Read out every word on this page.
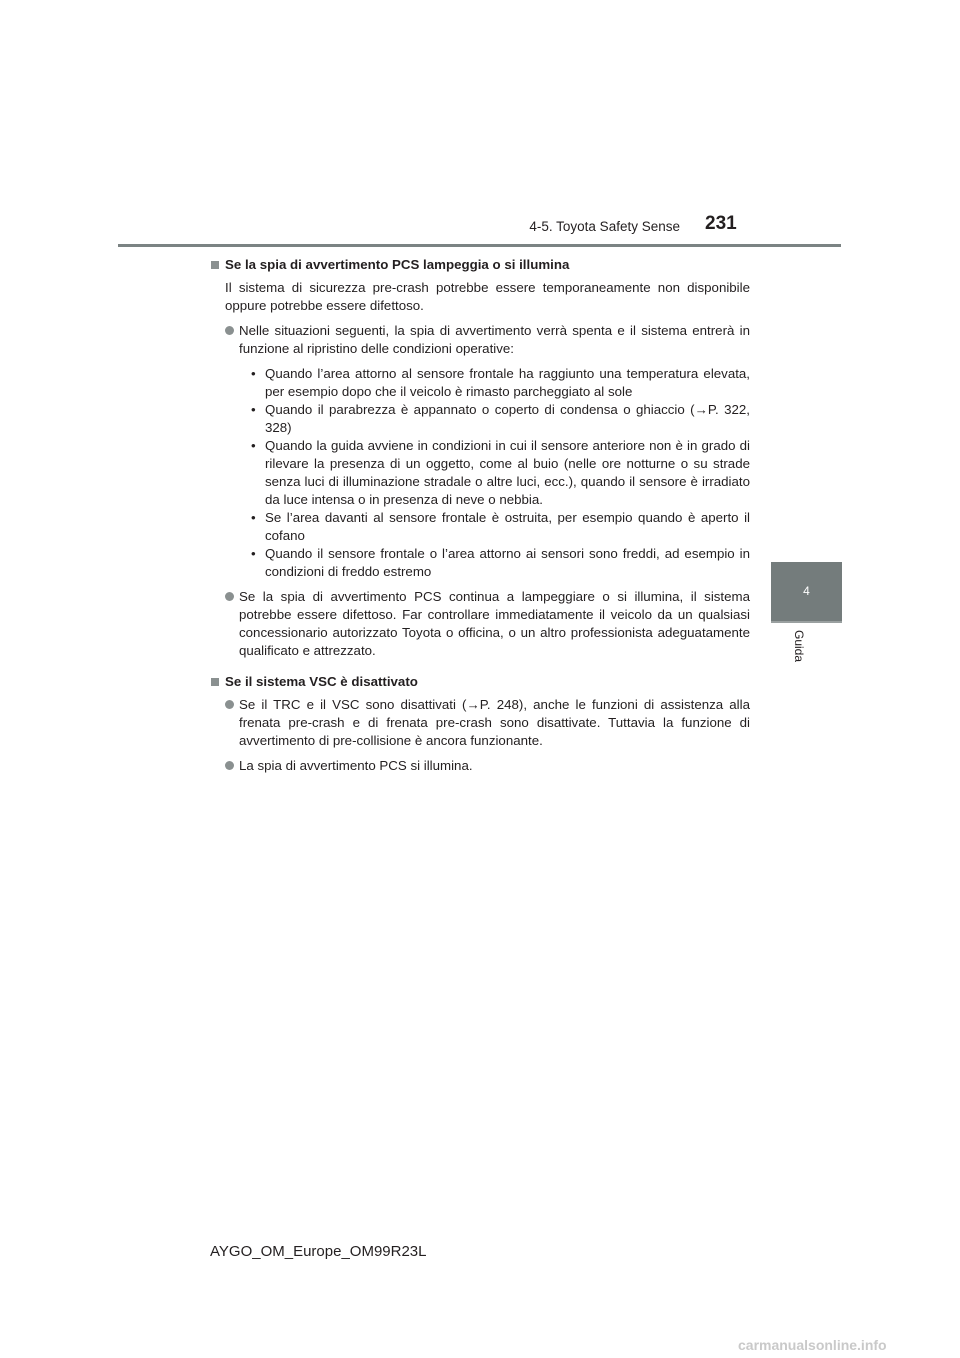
4-5. Toyota Safety Sense 231
4
Guida
Se la spia di avvertimento PCS lampeggia o si illumina

Il sistema di sicurezza pre-crash potrebbe essere temporaneamente non disponibile oppure potrebbe essere difettoso.

Nelle situazioni seguenti, la spia di avvertimento verrà spenta e il sistema entrerà in funzione al ripristino delle condizioni operative:

• Quando l’area attorno al sensore frontale ha raggiunto una temperatura elevata, per esempio dopo che il veicolo è rimasto parcheggiato al sole

• Quando il parabrezza è appannato o coperto di condensa o ghiaccio (→P. 322, 328)

• Quando la guida avviene in condizioni in cui il sensore anteriore non è in grado di rilevare la presenza di un oggetto, come al buio (nelle ore notturne o su strade senza luci di illuminazione stradale o altre luci, ecc.), quando il sensore è irradiato da luce intensa o in presenza di neve o nebbia.

• Se l’area davanti al sensore frontale è ostruita, per esempio quando è aperto il cofano

• Quando il sensore frontale o l’area attorno ai sensori sono freddi, ad esempio in condizioni di freddo estremo

Se la spia di avvertimento PCS continua a lampeggiare o si illumina, il sistema potrebbe essere difettoso. Far controllare immediatamente il veicolo da un qualsiasi concessionario autorizzato Toyota o officina, o un altro professionista adeguatamente qualificato e attrezzato.
Se il sistema VSC è disattivato
Se il TRC e il VSC sono disattivati (→P. 248), anche le funzioni di assistenza alla frenata pre-crash e di frenata pre-crash sono disattivate. Tuttavia la funzione di avvertimento di pre-collisione è ancora funzionante.
La spia di avvertimento PCS si illumina.
AYGO_OM_Europe_OM99R23L
carmanualsonline.info
